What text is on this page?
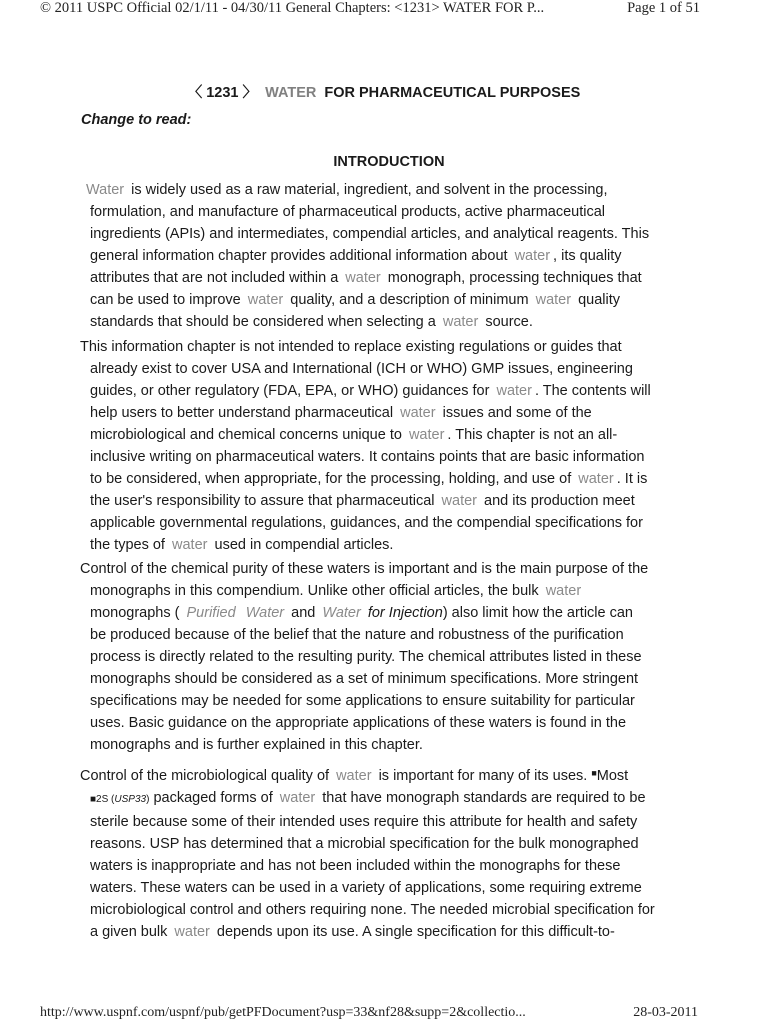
© 2011 USPC Official 02/1/11 - 04/30/11 General Chapters: <1231> WATER FOR P...	Page 1 of 51
〈 1231 〉 WATER FOR PHARMACEUTICAL PURPOSES
Change to read:
INTRODUCTION
Water is widely used as a raw material, ingredient, and solvent in the processing,
formulation, and manufacture of pharmaceutical products, active pharmaceutical
ingredients (APIs) and intermediates, compendial articles, and analytical reagents. This
general information chapter provides additional information about water , its quality
attributes that are not included within a water monograph, processing techniques that
can be used to improve water quality, and a description of minimum water quality
standards that should be considered when selecting a water source.
This information chapter is not intended to replace existing regulations or guides that
already exist to cover USA and International (ICH or WHO) GMP issues, engineering
guides, or other regulatory (FDA, EPA, or WHO) guidances for water . The contents will
help users to better understand pharmaceutical water issues and some of the
microbiological and chemical concerns unique to water . This chapter is not an all-
inclusive writing on pharmaceutical waters. It contains points that are basic information
to be considered, when appropriate, for the processing, holding, and use of water . It is
the user's responsibility to assure that pharmaceutical water and its production meet
applicable governmental regulations, guidances, and the compendial specifications for
the types of water used in compendial articles.
Control of the chemical purity of these waters is important and is the main purpose of the
monographs in this compendium. Unlike other official articles, the bulk water
monographs ( Purified Water and Water for Injection) also limit how the article can
be produced because of the belief that the nature and robustness of the purification
process is directly related to the resulting purity. The chemical attributes listed in these
monographs should be considered as a set of minimum specifications. More stringent
specifications may be needed for some applications to ensure suitability for particular
uses. Basic guidance on the appropriate applications of these waters is found in the
monographs and is further explained in this chapter.
Control of the microbiological quality of water is important for many of its uses. ■Most
■2S (USP33) packaged forms of water that have monograph standards are required to be
sterile because some of their intended uses require this attribute for health and safety
reasons. USP has determined that a microbial specification for the bulk monographed
waters is inappropriate and has not been included within the monographs for these
waters. These waters can be used in a variety of applications, some requiring extreme
microbiological control and others requiring none. The needed microbial specification for
a given bulk water depends upon its use. A single specification for this difficult-to-
http://www.uspnf.com/uspnf/pub/getPFDocument?usp=33&nf28&supp=2&collectio...	28-03-2011
